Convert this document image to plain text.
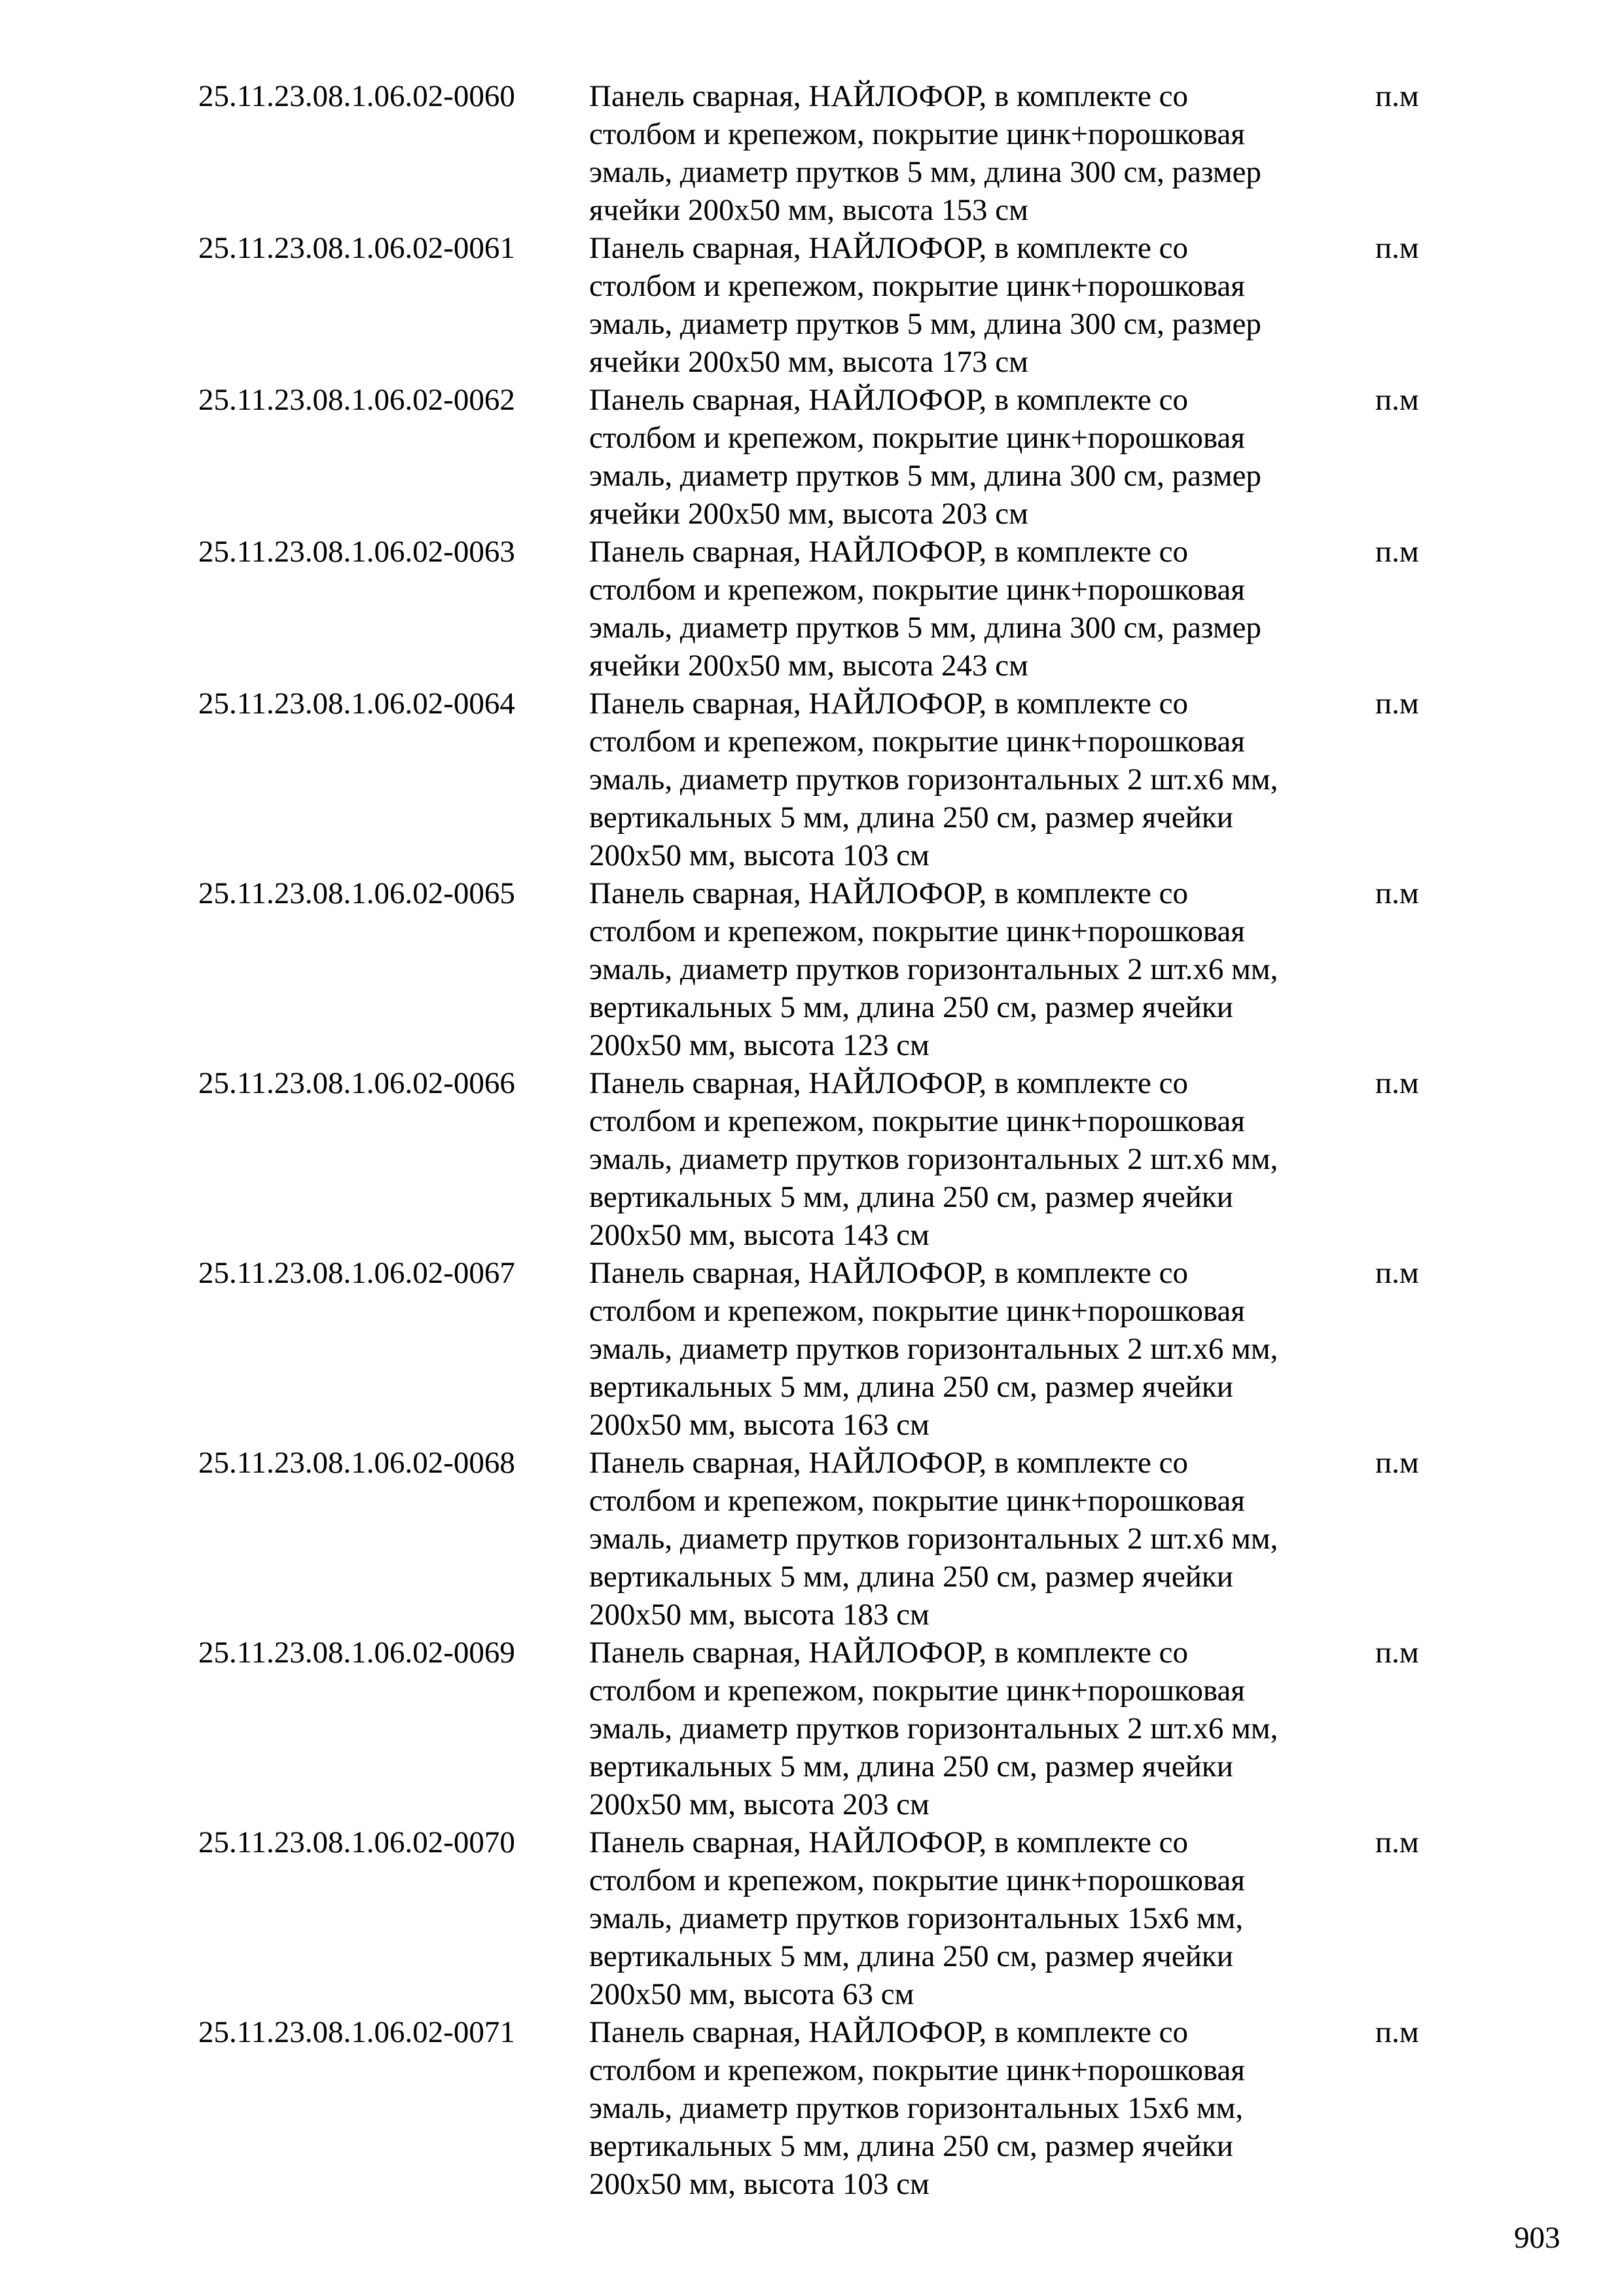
25.11.23.08.1.06.02-0060 Панель сварная, НАЙЛОФОР, в комплекте со
столбом и крепежом, покрытие цинк+порошковая
эмаль, диаметр прутков 5 мм, длина 300 см, размер
ячейки 200х50 мм, высота 153 см
п.м
25.11.23.08.1.06.02-0061 Панель сварная, НАЙЛОФОР, в комплекте со
столбом и крепежом, покрытие цинк+порошковая
эмаль, диаметр прутков 5 мм, длина 300 см, размер
ячейки 200х50 мм, высота 173 см
п.м
25.11.23.08.1.06.02-0062 Панель сварная, НАЙЛОФОР, в комплекте со
столбом и крепежом, покрытие цинк+порошковая
эмаль, диаметр прутков 5 мм, длина 300 см, размер
ячейки 200х50 мм, высота 203 см
п.м
25.11.23.08.1.06.02-0063 Панель сварная, НАЙЛОФОР, в комплекте со
столбом и крепежом, покрытие цинк+порошковая
эмаль, диаметр прутков 5 мм, длина 300 см, размер
ячейки 200х50 мм, высота 243 см
п.м
25.11.23.08.1.06.02-0064 Панель сварная, НАЙЛОФОР, в комплекте со
столбом и крепежом, покрытие цинк+порошковая
эмаль, диаметр прутков горизонтальных 2 шт.х6 мм,
вертикальных 5 мм, длина 250 см, размер ячейки
200х50 мм, высота 103 см
п.м
25.11.23.08.1.06.02-0065 Панель сварная, НАЙЛОФОР, в комплекте со
столбом и крепежом, покрытие цинк+порошковая
эмаль, диаметр прутков горизонтальных 2 шт.х6 мм,
вертикальных 5 мм, длина 250 см, размер ячейки
200х50 мм, высота 123 см
п.м
25.11.23.08.1.06.02-0066 Панель сварная, НАЙЛОФОР, в комплекте со
столбом и крепежом, покрытие цинк+порошковая
эмаль, диаметр прутков горизонтальных 2 шт.х6 мм,
вертикальных 5 мм, длина 250 см, размер ячейки
200х50 мм, высота 143 см
п.м
25.11.23.08.1.06.02-0067 Панель сварная, НАЙЛОФОР, в комплекте со
столбом и крепежом, покрытие цинк+порошковая
эмаль, диаметр прутков горизонтальных 2 шт.х6 мм,
вертикальных 5 мм, длина 250 см, размер ячейки
200х50 мм, высота 163 см
п.м
25.11.23.08.1.06.02-0068 Панель сварная, НАЙЛОФОР, в комплекте со
столбом и крепежом, покрытие цинк+порошковая
эмаль, диаметр прутков горизонтальных 2 шт.х6 мм,
вертикальных 5 мм, длина 250 см, размер ячейки
200х50 мм, высота 183 см
п.м
25.11.23.08.1.06.02-0069 Панель сварная, НАЙЛОФОР, в комплекте со
столбом и крепежом, покрытие цинк+порошковая
эмаль, диаметр прутков горизонтальных 2 шт.х6 мм,
вертикальных 5 мм, длина 250 см, размер ячейки
200х50 мм, высота 203 см
п.м
25.11.23.08.1.06.02-0070 Панель сварная, НАЙЛОФОР, в комплекте со
столбом и крепежом, покрытие цинк+порошковая
эмаль, диаметр прутков горизонтальных 15х6 мм,
вертикальных 5 мм, длина 250 см, размер ячейки
200х50 мм, высота 63 см
п.м
25.11.23.08.1.06.02-0071 Панель сварная, НАЙЛОФОР, в комплекте со
столбом и крепежом, покрытие цинк+порошковая
эмаль, диаметр прутков горизонтальных 15х6 мм,
вертикальных 5 мм, длина 250 см, размер ячейки
200х50 мм, высота 103 см
п.м
903
